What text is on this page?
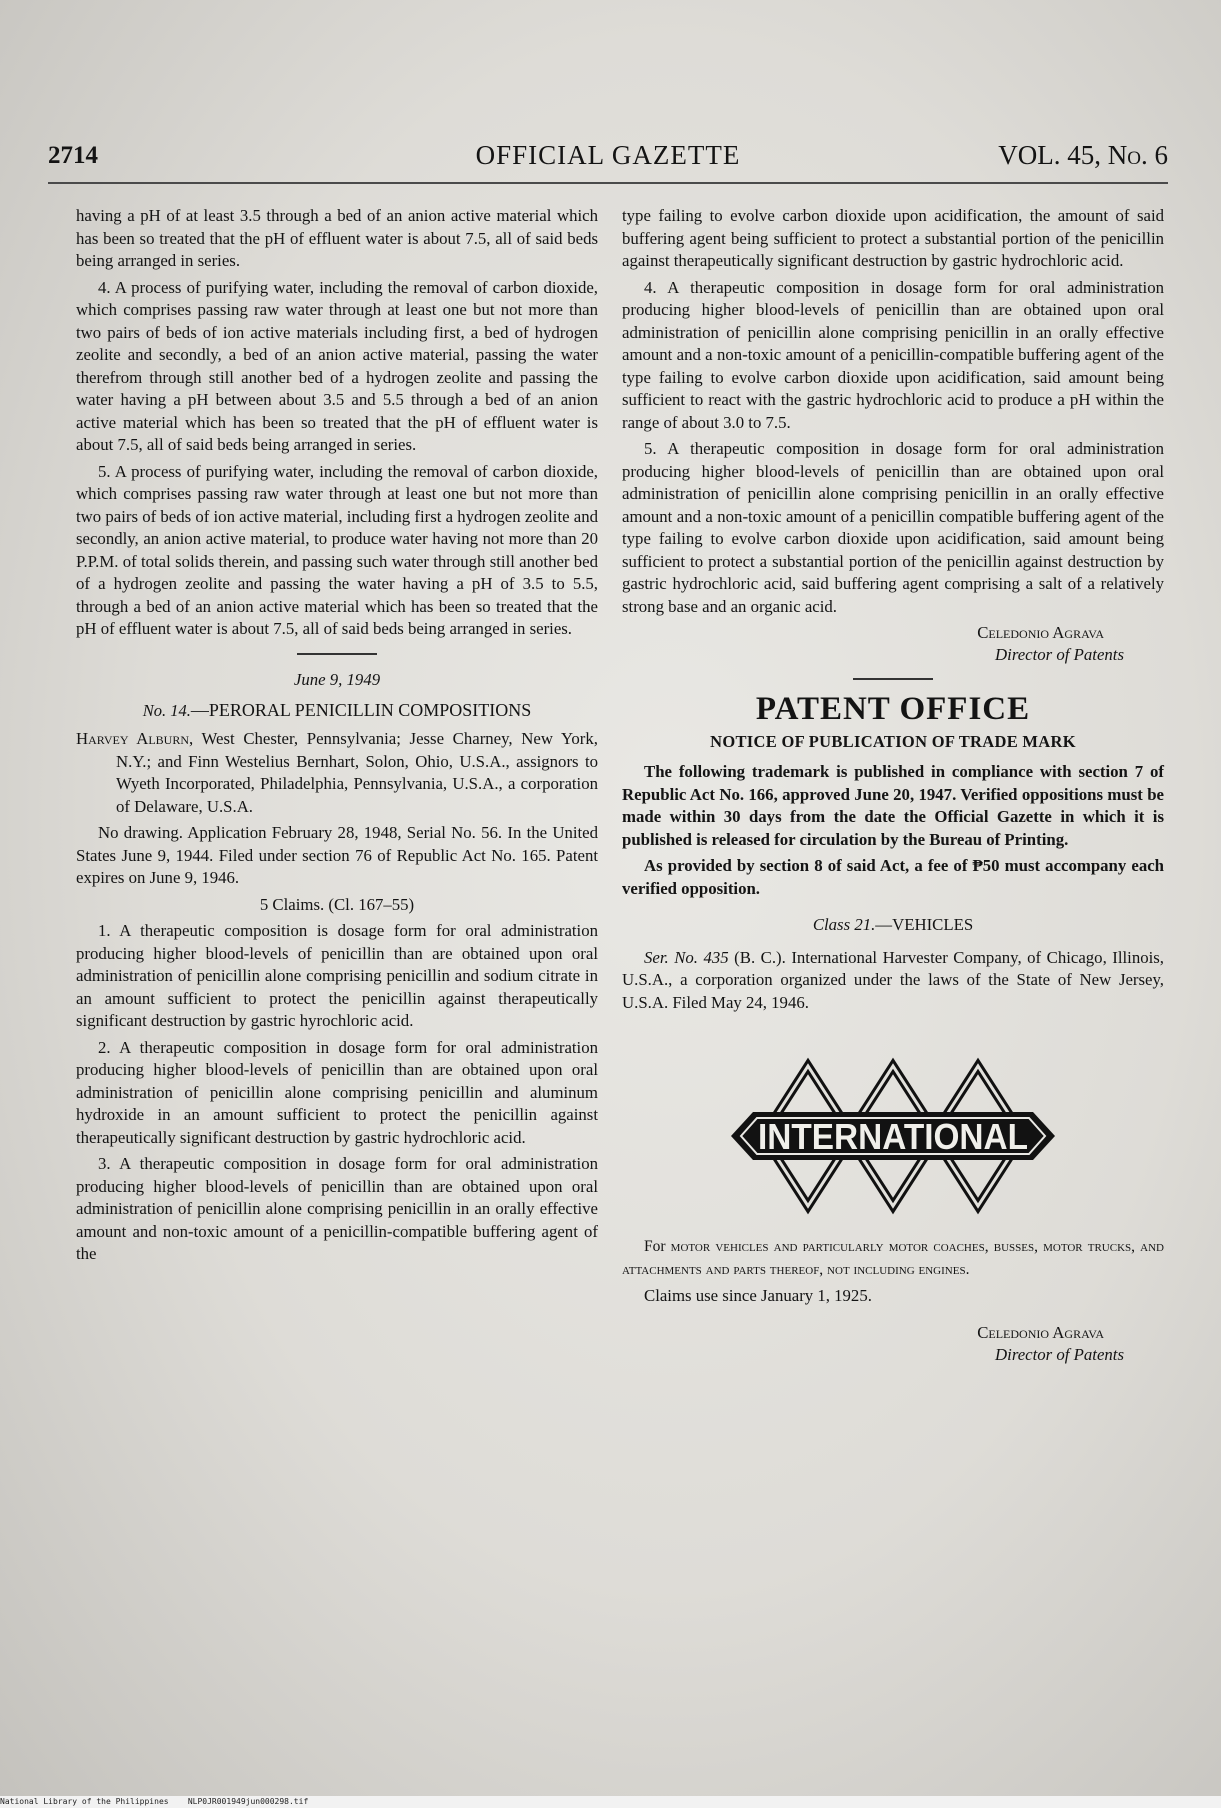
2714	OFFICIAL GAZETTE	VOL. 45, No. 6

having a pH of at least 3.5 through a bed of an anion active material which has been so treated that the pH of effluent water is about 7.5, all of said beds being arranged in series.

4. A process of purifying water, including the removal of carbon dioxide, which comprises passing raw water through at least one but not more than two pairs of beds of ion active materials including first, a bed of hydrogen zeolite and secondly, a bed of an anion active material, passing the water therefrom through still another bed of a hydrogen zeolite and passing the water having a pH between about 3.5 and 5.5 through a bed of an anion active material which has been so treated that the pH of effluent water is about 7.5, all of said beds being arranged in series.

5. A process of purifying water, including the removal of carbon dioxide, which comprises passing raw water through at least one but not more than two pairs of beds of ion active material, including first a hydrogen zeolite and secondly, an anion active material, to produce water having not more than 20 P.P.M. of total solids therein, and passing such water through still another bed of a hydrogen zeolite and passing the water having a pH of 3.5 to 5.5, through a bed of an anion active material which has been so treated that the pH of effluent water is about 7.5, all of said beds being arranged in series.

June 9, 1949
No. 14.—PERORAL PENICILLIN COMPOSITIONS

Harvey Alburn, West Chester, Pennsylvania; Jesse Charney, New York, N.Y.; and Finn Westelius Bernhart, Solon, Ohio, U.S.A., assignors to Wyeth Incorporated, Philadelphia, Pennsylvania, U.S.A., a corporation of Delaware, U.S.A.

No drawing. Application February 28, 1948, Serial No. 56. In the United States June 9, 1944. Filed under section 76 of Republic Act No. 165. Patent expires on June 9, 1946.

5 Claims. (Cl. 167–55)

1. A therapeutic composition is dosage form for oral administration producing higher blood-levels of penicillin than are obtained upon oral administration of penicillin alone comprising penicillin and sodium citrate in an amount sufficient to protect the penicillin against therapeutically significant destruction by gastric hyrochloric acid.

2. A therapeutic composition in dosage form for oral administration producing higher blood-levels of penicillin than are obtained upon oral administration of penicillin alone comprising penicillin and aluminum hydroxide in an amount sufficient to protect the penicillin against therapeutically significant destruction by gastric hydrochloric acid.

3. A therapeutic composition in dosage form for oral administration producing higher blood-levels of penicillin than are obtained upon oral administration of penicillin alone comprising penicillin in an orally effective amount and non-toxic amount of a penicillin-compatible buffering agent of the

type failing to evolve carbon dioxide upon acidification, the amount of said buffering agent being sufficient to protect a substantial portion of the penicillin against therapeutically significant destruction by gastric hydrochloric acid.

4. A therapeutic composition in dosage form for oral administration producing higher blood-levels of penicillin than are obtained upon oral administration of penicillin alone comprising penicillin in an orally effective amount and a non-toxic amount of a penicillin-compatible buffering agent of the type failing to evolve carbon dioxide upon acidification, said amount being sufficient to react with the gastric hydrochloric acid to produce a pH within the range of about 3.0 to 7.5.

5. A therapeutic composition in dosage form for oral administration producing higher blood-levels of penicillin than are obtained upon oral administration of penicillin alone comprising penicillin in an orally effective amount and a non-toxic amount of a penicillin compatible buffering agent of the type failing to evolve carbon dioxide upon acidification, said amount being sufficient to protect a substantial portion of the penicillin against destruction by gastric hydrochloric acid, said buffering agent comprising a salt of a relatively strong base and an organic acid.

Celedonio Agrava
Director of Patents
PATENT OFFICE
NOTICE OF PUBLICATION OF TRADE MARK

The following trademark is published in compliance with section 7 of Republic Act No. 166, approved June 20, 1947. Verified oppositions must be made within 30 days from the date the Official Gazette in which it is published is released for circulation by the Bureau of Printing.

As provided by section 8 of said Act, a fee of ₱50 must accompany each verified opposition.

Class 21.—VEHICLES

Ser. No. 435 (B. C.). International Harvester Company, of Chicago, Illinois, U.S.A., a corporation organized under the laws of the State of New Jersey, U.S.A. Filed May 24, 1946.

INTERNATIONAL

For motor vehicles and particularly motor coaches, busses, motor trucks, and attachments and parts thereof, not including engines.

Claims use since January 1, 1925.

Celedonio Agrava
Director of Patents
National Library of the Philippines NLP0JR001949jun000298.tif
